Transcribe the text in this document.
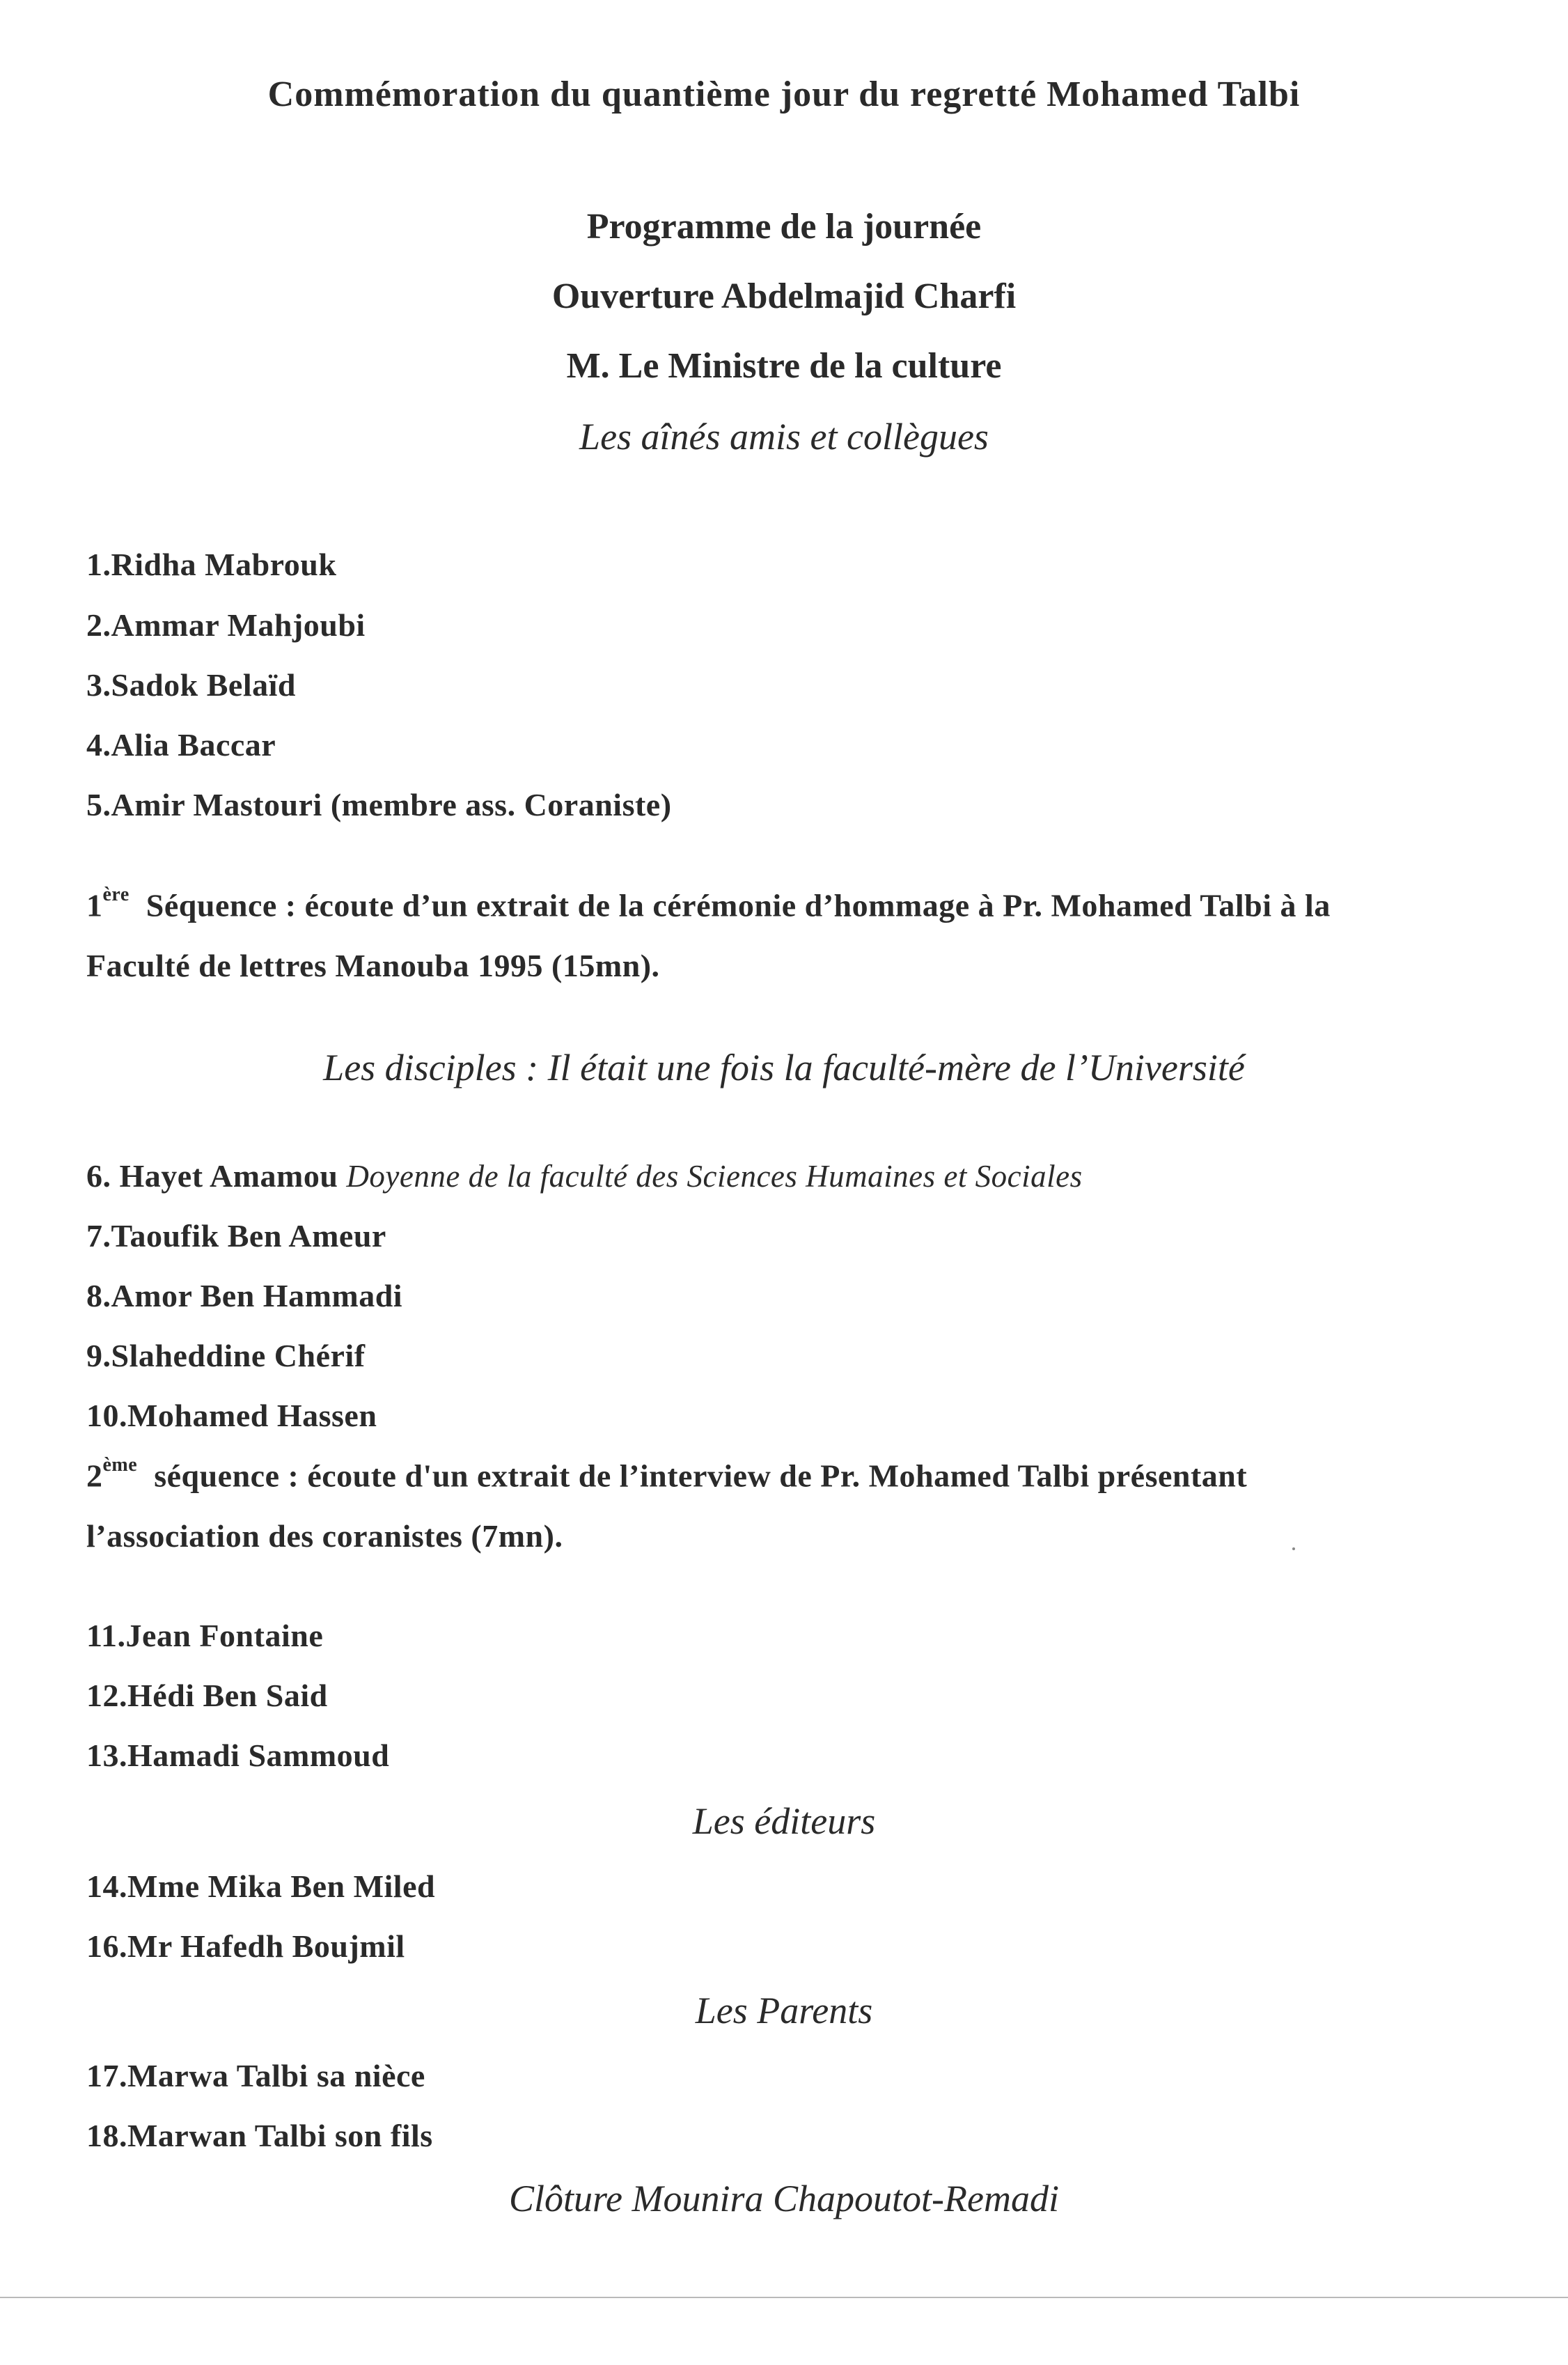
Commémoration du quantième jour du regretté Mohamed Talbi
Programme de la journée
Ouverture Abdelmajid Charfi
M. Le Ministre de la culture
Les aînés amis et collègues
1.Ridha Mabrouk
2.Ammar Mahjoubi
3.Sadok Belaïd
4.Alia Baccar
5.Amir Mastouri (membre ass. Coraniste)
1ère Séquence : écoute d’un extrait de la cérémonie d’hommage à Pr. Mohamed Talbi à la
Faculté de lettres Manouba 1995 (15mn).
Les disciples : Il était une fois la faculté-mère de l’Université
6. Hayet Amamou Doyenne de la faculté des Sciences Humaines et Sociales
7.Taoufik Ben Ameur
8.Amor Ben Hammadi
9.Slaheddine Chérif
10.Mohamed Hassen
2ème séquence : écoute d'un extrait de l’interview de Pr. Mohamed Talbi présentant
l’association des coranistes (7mn).
11.Jean Fontaine
12.Hédi Ben Said
13.Hamadi Sammoud
Les éditeurs
14.Mme Mika Ben Miled
16.Mr Hafedh Boujmil
Les Parents
17.Marwa Talbi sa nièce
18.Marwan Talbi son fils
Clôture Mounira Chapoutot-Remadi
